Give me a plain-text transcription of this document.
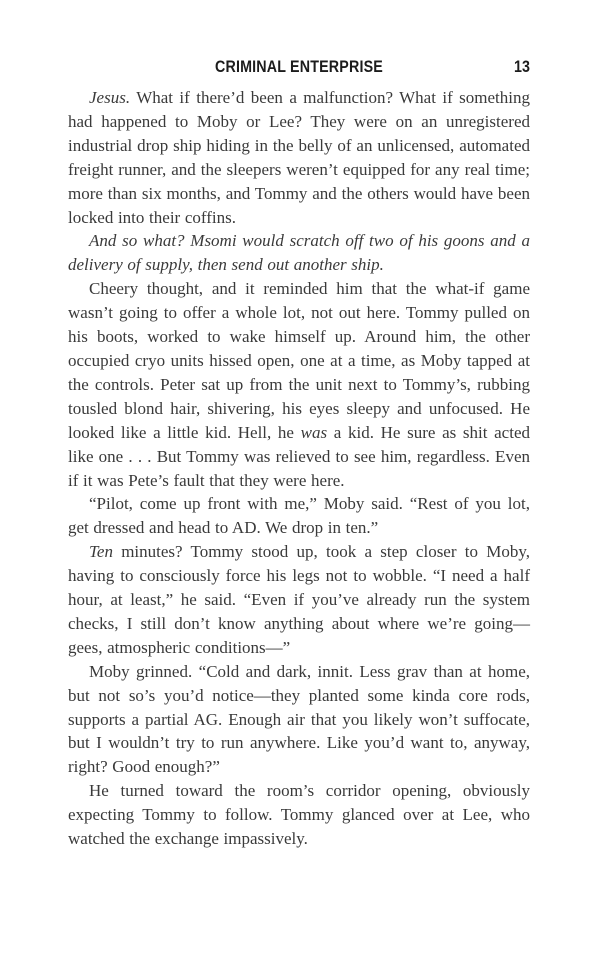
CRIMINAL ENTERPRISE	13

Jesus. What if there’d been a malfunction? What if something had happened to Moby or Lee? They were on an unregistered industrial drop ship hiding in the belly of an unlicensed, automated freight runner, and the sleepers weren’t equipped for any real time; more than six months, and Tommy and the others would have been locked into their coffins.

And so what? Msomi would scratch off two of his goons and a delivery of supply, then send out another ship.

Cheery thought, and it reminded him that the what-if game wasn’t going to offer a whole lot, not out here. Tommy pulled on his boots, worked to wake himself up. Around him, the other occupied cryo units hissed open, one at a time, as Moby tapped at the controls. Peter sat up from the unit next to Tommy’s, rubbing tousled blond hair, shivering, his eyes sleepy and unfocused. He looked like a little kid. Hell, he was a kid. He sure as shit acted like one . . . But Tommy was relieved to see him, regardless. Even if it was Pete’s fault that they were here.

“Pilot, come up front with me,” Moby said. “Rest of you lot, get dressed and head to AD. We drop in ten.”

Ten minutes? Tommy stood up, took a step closer to Moby, having to consciously force his legs not to wobble. “I need a half hour, at least,” he said. “Even if you’ve already run the system checks, I still don’t know anything about where we’re going—gees, atmospheric conditions—”

Moby grinned. “Cold and dark, innit. Less grav than at home, but not so’s you’d notice—they planted some kinda core rods, supports a partial AG. Enough air that you likely won’t suffocate, but I wouldn’t try to run anywhere. Like you’d want to, anyway, right? Good enough?”

He turned toward the room’s corridor opening, obviously expecting Tommy to follow. Tommy glanced over at Lee, who watched the exchange impassively.
